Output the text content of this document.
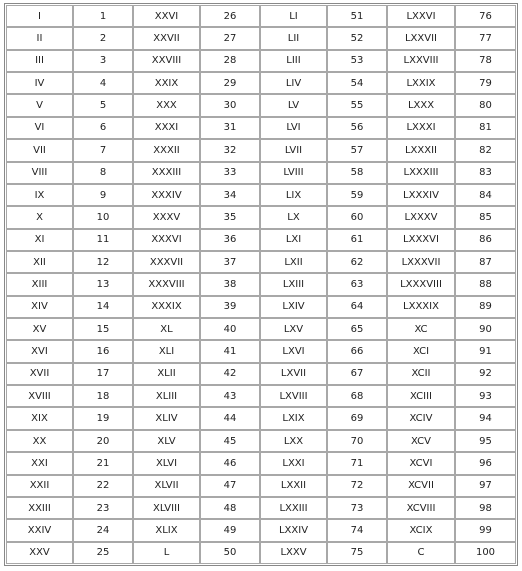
I	1	XXVI	26	LI	51	LXXVI	76
II	2	XXVII	27	LII	52	LXXVII	77
III	3	XXVIII	28	LIII	53	LXXVIII	78
IV	4	XXIX	29	LIV	54	LXXIX	79
V	5	XXX	30	LV	55	LXXX	80
VI	6	XXXI	31	LVI	56	LXXXI	81
VII	7	XXXII	32	LVII	57	LXXXII	82
VIII	8	XXXIII	33	LVIII	58	LXXXIII	83
IX	9	XXXIV	34	LIX	59	LXXXIV	84
X	10	XXXV	35	LX	60	LXXXV	85
XI	11	XXXVI	36	LXI	61	LXXXVI	86
XII	12	XXXVII	37	LXII	62	LXXXVII	87
XIII	13	XXXVIII	38	LXIII	63	LXXXVIII	88
XIV	14	XXXIX	39	LXIV	64	LXXXIX	89
XV	15	XL	40	LXV	65	XC	90
XVI	16	XLI	41	LXVI	66	XCI	91
XVII	17	XLII	42	LXVII	67	XCII	92
XVIII	18	XLIII	43	LXVIII	68	XCIII	93
XIX	19	XLIV	44	LXIX	69	XCIV	94
XX	20	XLV	45	LXX	70	XCV	95
XXI	21	XLVI	46	LXXI	71	XCVI	96
XXII	22	XLVII	47	LXXII	72	XCVII	97
XXIII	23	XLVIII	48	LXXIII	73	XCVIII	98
XXIV	24	XLIX	49	LXXIV	74	XCIX	99
XXV	25	L	50	LXXV	75	C	100
